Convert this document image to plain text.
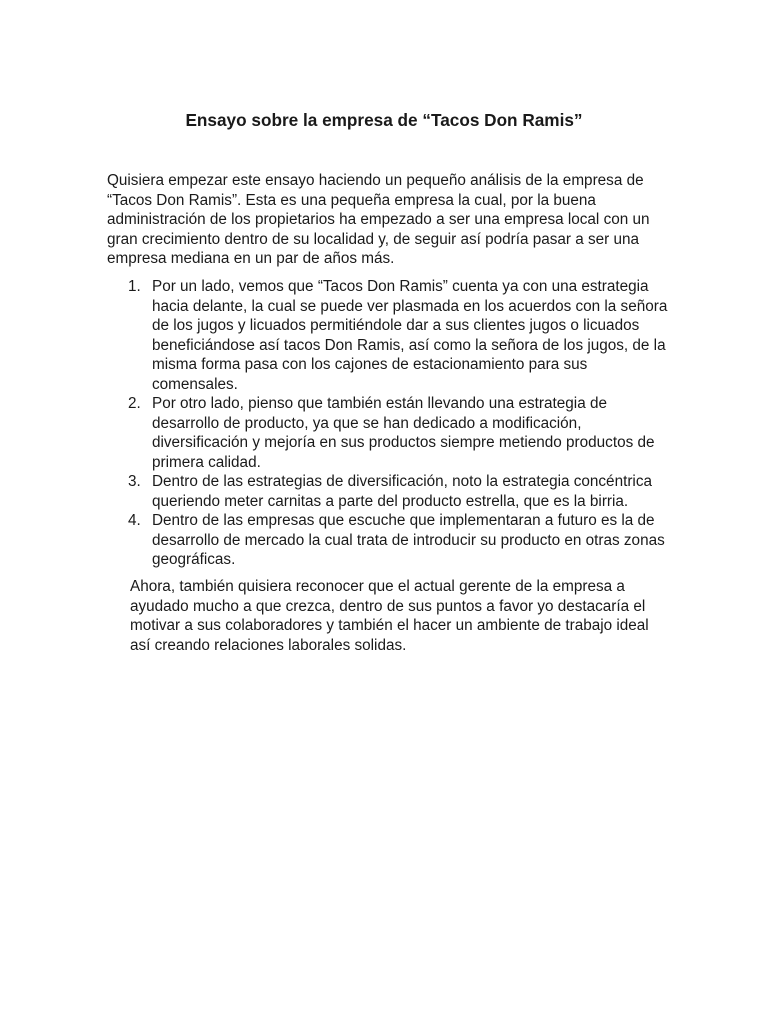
Ensayo sobre la empresa de “Tacos Don Ramis”

Quisiera empezar este ensayo haciendo un pequeño análisis de la empresa de
“Tacos Don Ramis”. Esta es una pequeña empresa la cual, por la buena
administración de los propietarios ha empezado a ser una empresa local con un
gran crecimiento dentro de su localidad y, de seguir así podría pasar a ser una
empresa mediana en un par de años más.

1. Por un lado, vemos que “Tacos Don Ramis” cuenta ya con una estrategia
hacia delante, la cual se puede ver plasmada en los acuerdos con la señora
de los jugos y licuados permitiéndole dar a sus clientes jugos o licuados
beneficiándose así tacos Don Ramis, así como la señora de los jugos, de la
misma forma pasa con los cajones de estacionamiento para sus
comensales.
2. Por otro lado, pienso que también están llevando una estrategia de
desarrollo de producto, ya que se han dedicado a modificación,
diversificación y mejoría en sus productos siempre metiendo productos de
primera calidad.
3. Dentro de las estrategias de diversificación, noto la estrategia concéntrica
queriendo meter carnitas a parte del producto estrella, que es la birria.
4. Dentro de las empresas que escuche que implementaran a futuro es la de
desarrollo de mercado la cual trata de introducir su producto en otras zonas
geográficas.

Ahora, también quisiera reconocer que el actual gerente de la empresa a
ayudado mucho a que crezca, dentro de sus puntos a favor yo destacaría el
motivar a sus colaboradores y también el hacer un ambiente de trabajo ideal
así creando relaciones laborales solidas.
